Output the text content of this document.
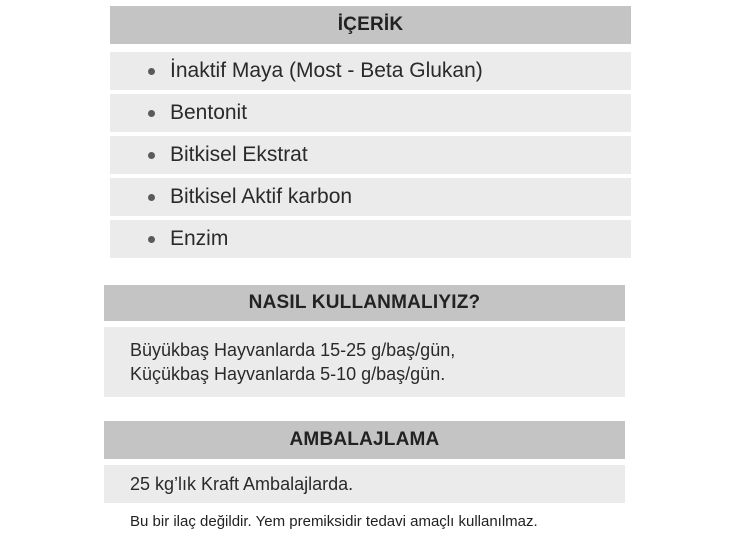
İÇERİK
İnaktif Maya (Most - Beta Glukan)
Bentonit
Bitkisel Ekstrat
Bitkisel Aktif karbon
Enzim
NASIL KULLANMALIYIZ?
Büyükbaş Hayvanlarda 15-25 g/baş/gün,
Küçükbaş Hayvanlarda 5-10 g/baş/gün.
AMBALAJLAMA
25 kg’lık Kraft Ambalajlarda.
Bu bir ilaç değildir. Yem premiksidir tedavi amaçlı kullanılmaz.
